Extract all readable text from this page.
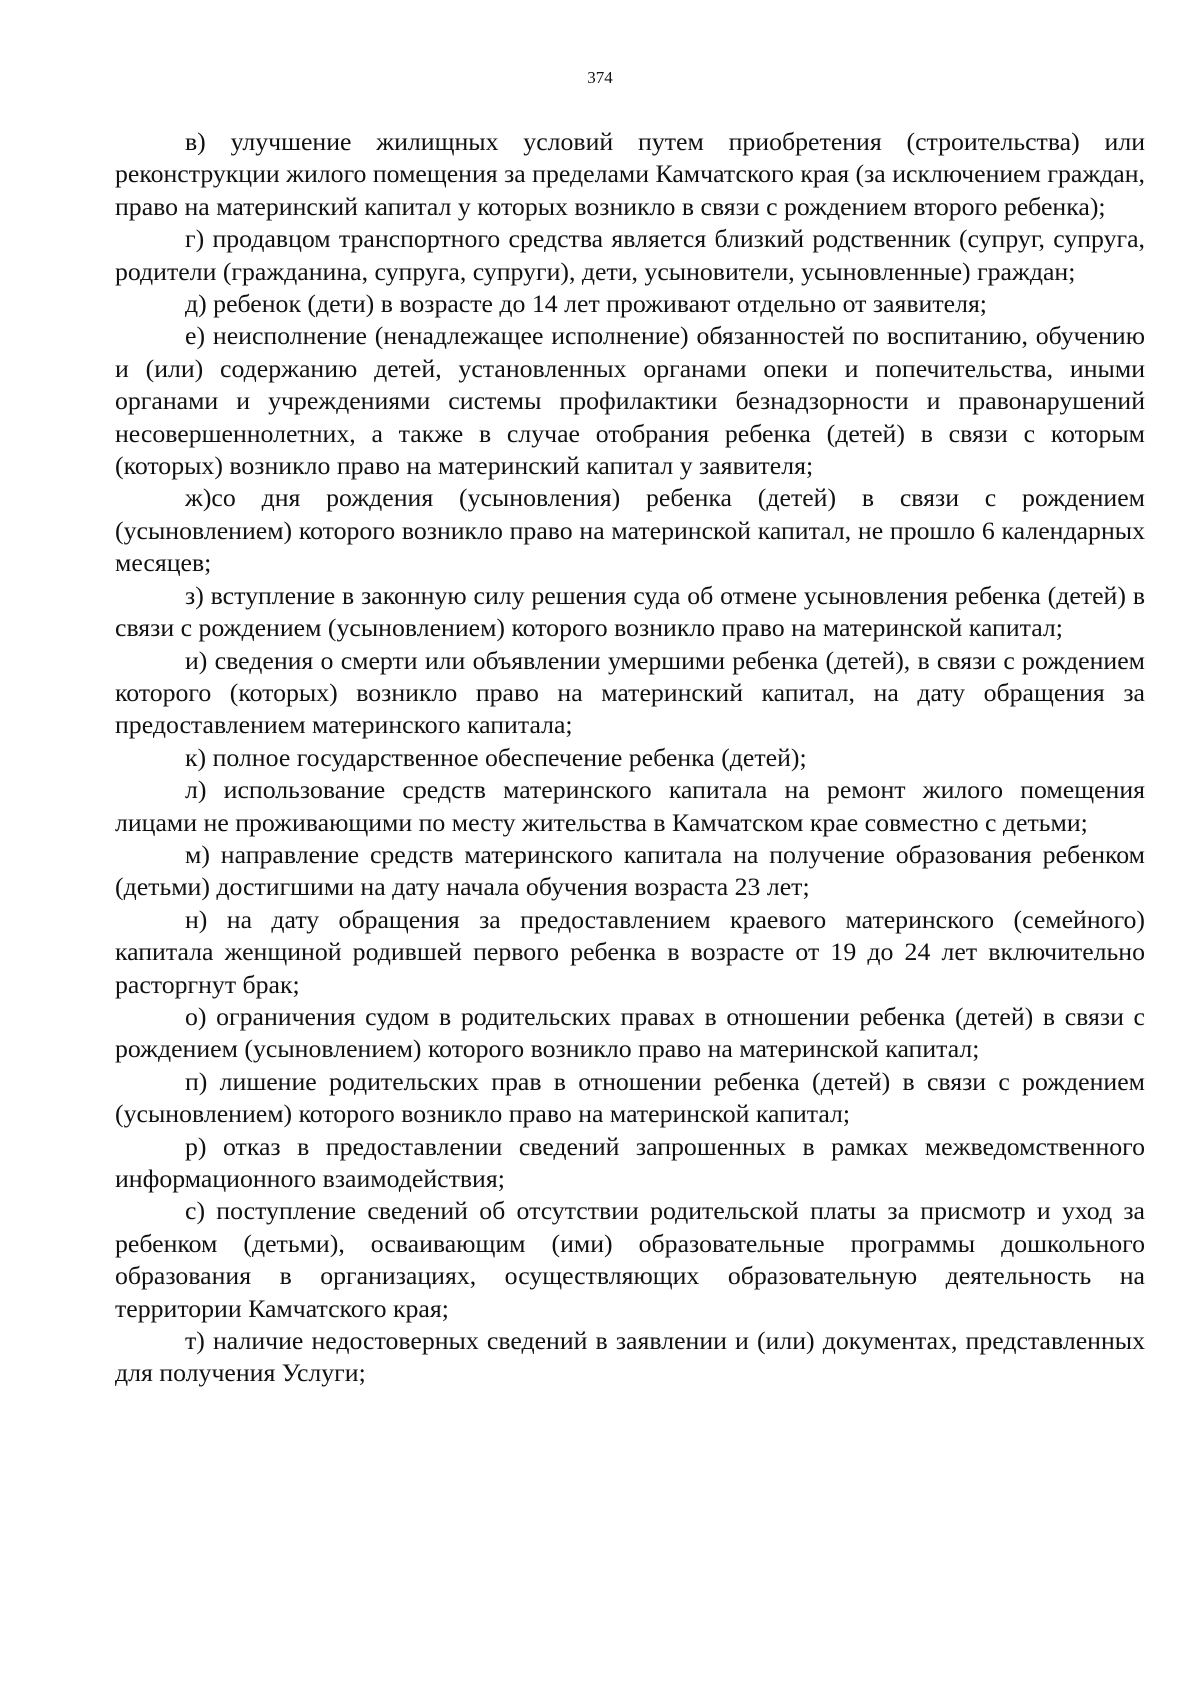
374

в) улучшение жилищных условий путем приобретения (строительства) или реконструкции жилого помещения за пределами Камчатского края (за исключением граждан, право на материнский капитал у которых возникло в связи с рождением второго ребенка);

г) продавцом транспортного средства является близкий родственник (супруг, супруга, родители (гражданина, супруга, супруги), дети, усыновители, усыновленные) граждан;

д) ребенок (дети) в возрасте до 14 лет проживают отдельно от заявителя;

е) неисполнение (ненадлежащее исполнение) обязанностей по воспитанию, обучению и (или) содержанию детей, установленных органами опеки и попечительства, иными органами и учреждениями системы профилактики безнадзорности и правонарушений несовершеннолетних, а также в случае отобрания ребенка (детей) в связи с которым (которых) возникло право на материнский капитал у заявителя;

ж)со дня рождения (усыновления) ребенка (детей) в связи с рождением (усыновлением) которого возникло право на материнской капитал, не прошло 6 календарных месяцев;

з) вступление в законную силу решения суда об отмене усыновления ребенка (детей) в связи с рождением (усыновлением) которого возникло право на материнской капитал;

и) сведения о смерти или объявлении умершими ребенка (детей), в связи с рождением которого (которых) возникло право на материнский капитал, на дату обращения за предоставлением материнского капитала;

к) полное государственное обеспечение ребенка (детей);

л) использование средств материнского капитала на ремонт жилого помещения лицами не проживающими по месту жительства в Камчатском крае совместно с детьми;

м) направление средств материнского капитала на получение образования ребенком (детьми) достигшими на дату начала обучения возраста 23 лет;

н) на дату обращения за предоставлением краевого материнского (семейного) капитала женщиной родившей первого ребенка в возрасте от 19 до 24 лет включительно расторгнут брак;

о) ограничения судом в родительских правах в отношении ребенка (детей) в связи с рождением (усыновлением) которого возникло право на материнской капитал;

п) лишение родительских прав в отношении ребенка (детей) в связи с рождением (усыновлением) которого возникло право на материнской капитал;

р) отказ в предоставлении сведений запрошенных в рамках межведомственного информационного взаимодействия;

с) поступление сведений об отсутствии родительской платы за присмотр и уход за ребенком (детьми), осваивающим (ими) образовательные программы дошкольного образования в организациях, осуществляющих образовательную деятельность на территории Камчатского края;

т) наличие недостоверных сведений в заявлении и (или) документах, представленных для получения Услуги;
